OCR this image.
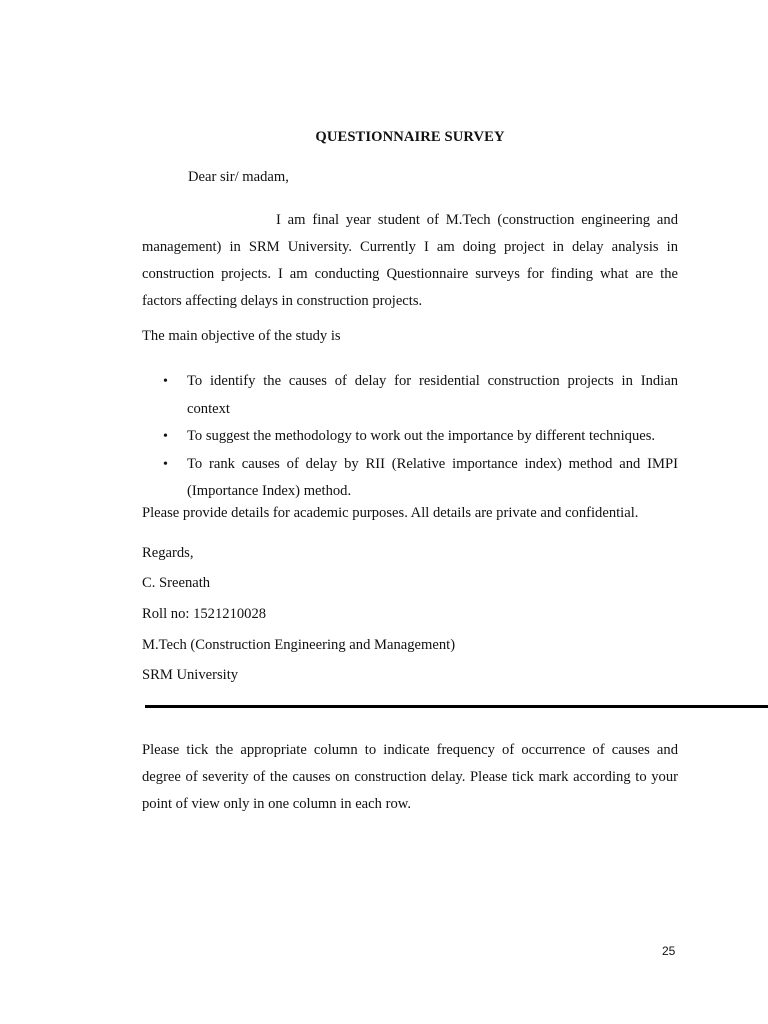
QUESTIONNAIRE SURVEY
Dear sir/ madam,

I am final year student of M.Tech (construction engineering and management) in SRM University. Currently I am doing project in delay analysis in construction projects. I am conducting Questionnaire surveys for finding what are the factors affecting delays in construction projects.

The main objective of the study is
• To identify the causes of delay for residential construction projects in Indian context
• To suggest the methodology to work out the importance by different techniques.
• To rank causes of delay by RII (Relative importance index) method and IMPI (Importance Index) method.
Please provide details for academic purposes. All details are private and confidential.
Regards,
C. Sreenath
Roll no: 1521210028
M.Tech (Construction Engineering and Management)
SRM University

Please tick the appropriate column to indicate frequency of occurrence of causes and degree of severity of the causes on construction delay. Please tick mark according to your point of view only in one column in each row.

25
